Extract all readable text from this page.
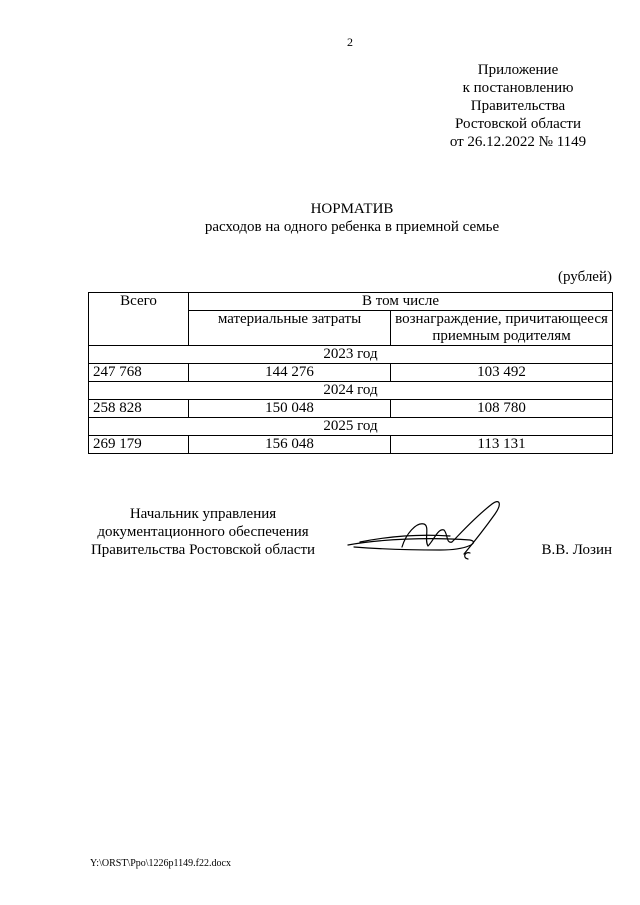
2
Приложение
к постановлению
Правительства
Ростовской области
от 26.12.2022 № 1149
НОРМАТИВ
расходов на одного ребенка в приемной семье
(рублей)
Всего	В том числе	
	материальные затраты	вознаграждение, причитающееся
приемным родителям

2023 год		
247 768	144 276	103 492
2024 год		
258 828	150 048	108 780
2025 год		
269 179	156 048	113 131
Начальник управления
документационного обеспечения
Правительства Ростовской области	В.В. Лозин
Y:\ORST\Ppo\1226p1149.f22.docx
